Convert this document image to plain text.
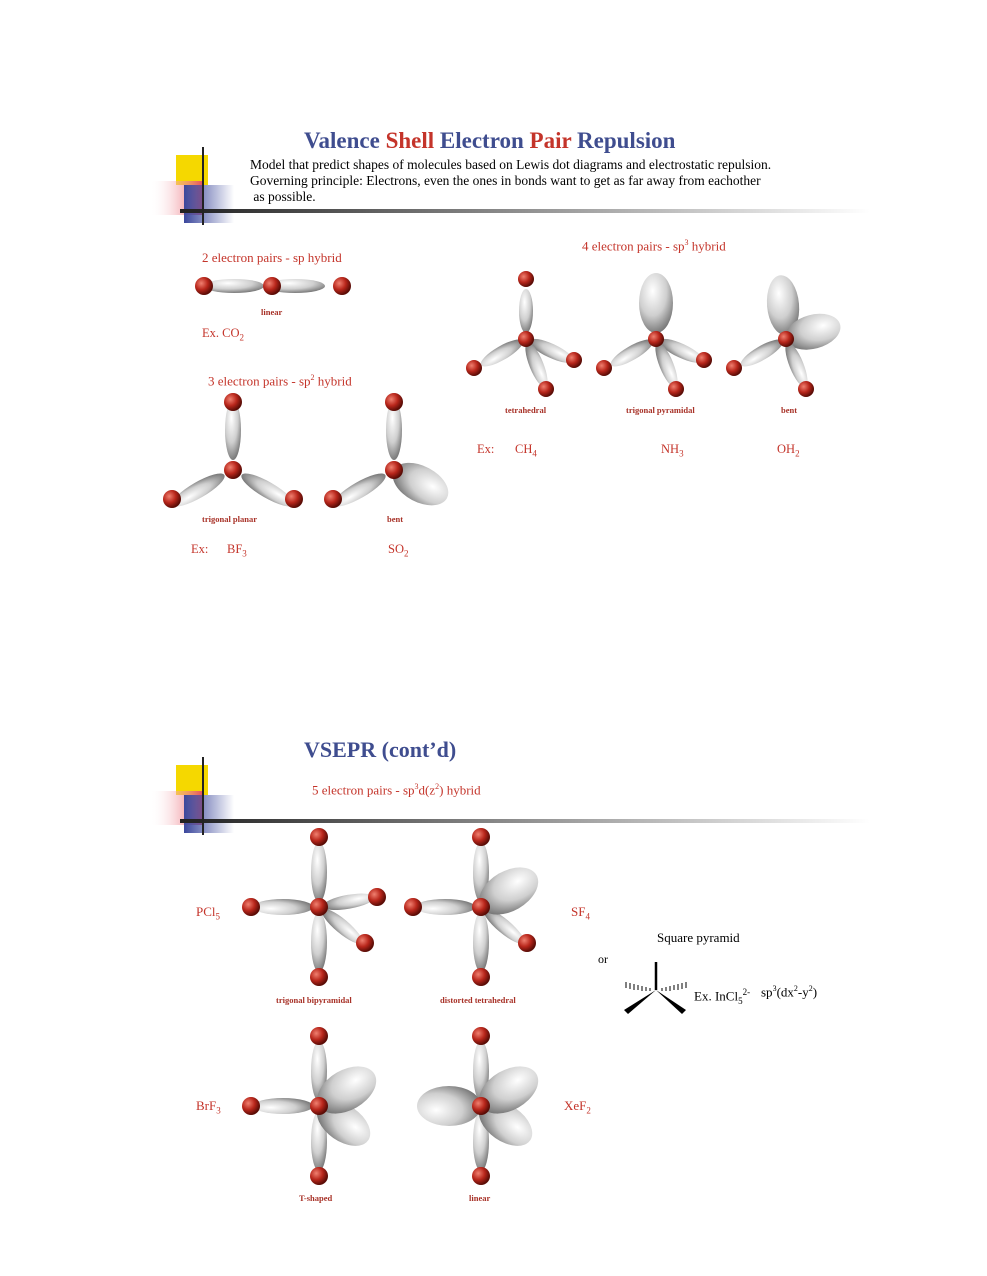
Valence Shell Electron Pair Repulsion
Model that predict shapes of molecules based on Lewis dot diagrams and electrostatic repulsion.
Governing principle: Electrons, even the ones in bonds want to get as far away from eachother
as possible.
2 electron pairs - sp hybrid
linear
Ex. $CO_2$
3 electron pairs - $sp^2$ hybrid
trigonal planar	bent
Ex: $BF_3$	$SO_2$
4 electron pairs - $sp^3$ hybrid
tetrahedral	trigonal pyramidal	bent
Ex: $CH_4$	$NH_3$	$OH_2$
VSEPR (cont’d)
5 electron pairs - $sp^3d(z^2)$ hybrid
PCl$_5$	$SF_4$
trigonal bipyramidal	distorted tetrahedral
Square pyramid
or
Ex. InCl$_5^{2-}$ $sp^3(dx^2-y^2)$
BrF$_3$	XeF$_2$
T-shaped	linear
